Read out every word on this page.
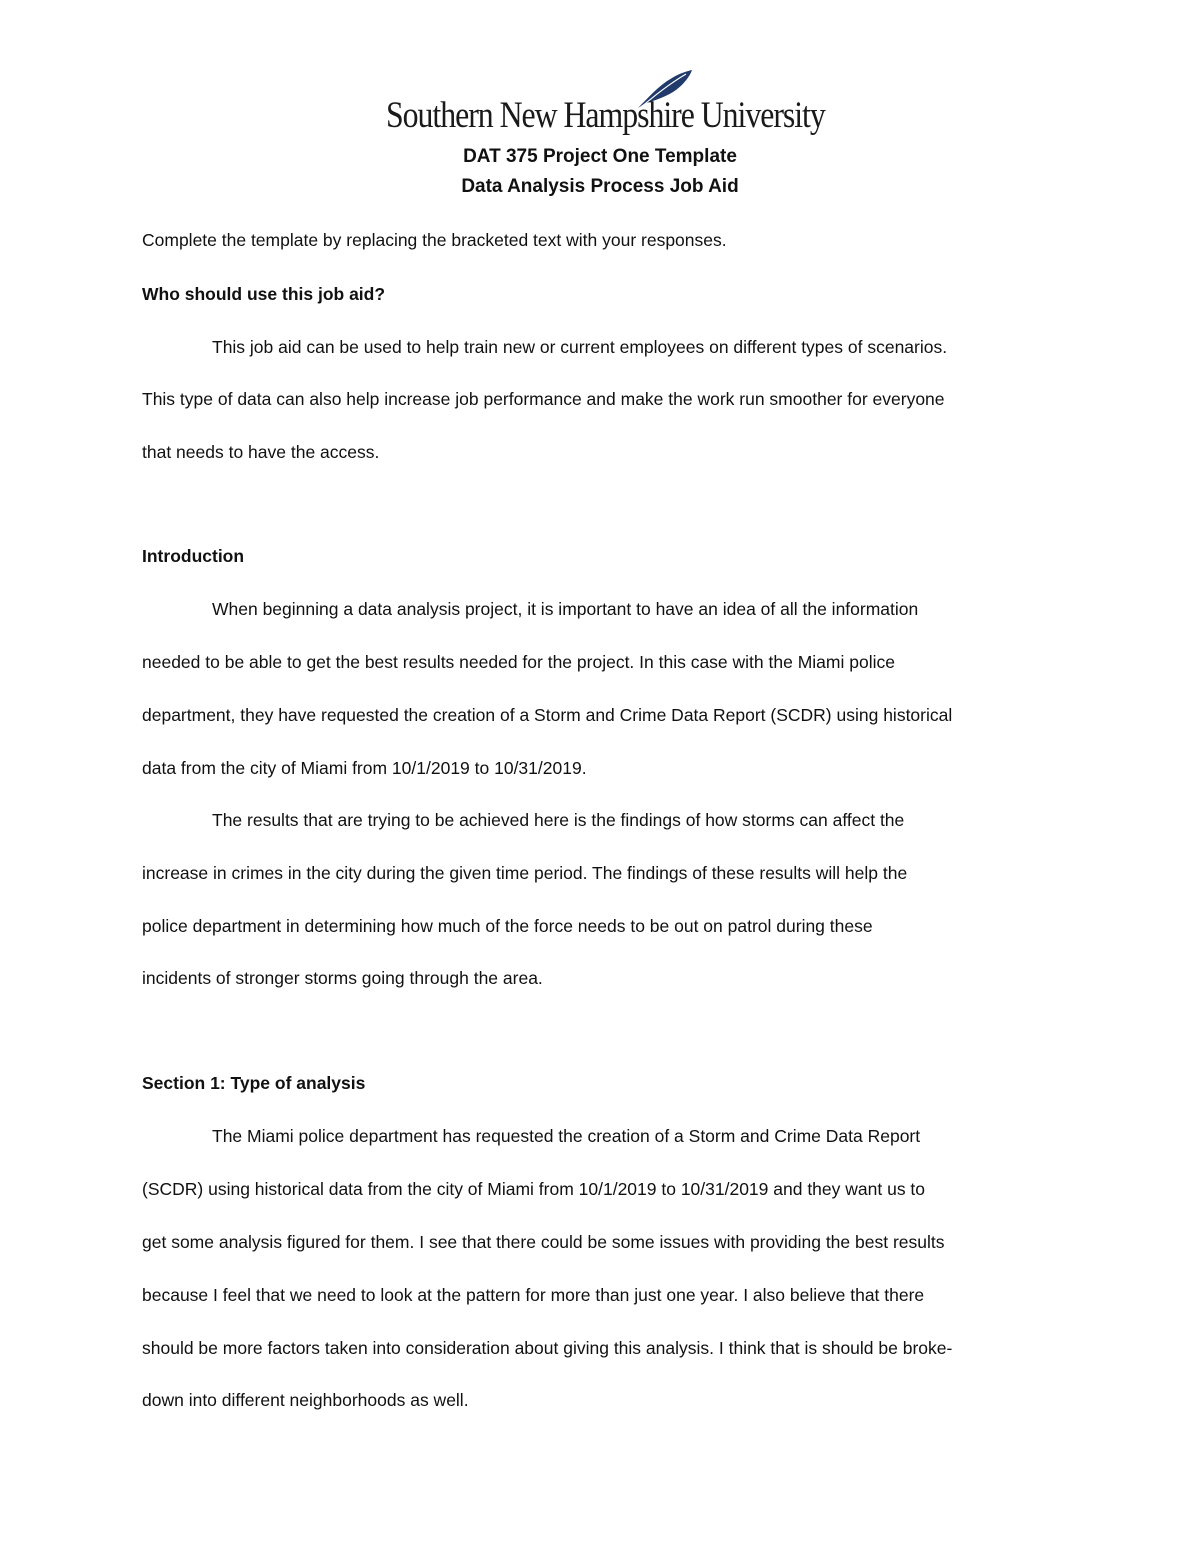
Southern New Hampshire University
DAT 375 Project One Template
Data Analysis Process Job Aid
Complete the template by replacing the bracketed text with your responses.
Who should use this job aid?
This job aid can be used to help train new or current employees on different types of scenarios.
This type of data can also help increase job performance and make the work run smoother for everyone
that needs to have the access.
Introduction
When beginning a data analysis project, it is important to have an idea of all the information
needed to be able to get the best results needed for the project. In this case with the Miami police
department, they have requested the creation of a Storm and Crime Data Report (SCDR) using historical
data from the city of Miami from 10/1/2019 to 10/31/2019.
The results that are trying to be achieved here is the findings of how storms can affect the
increase in crimes in the city during the given time period. The findings of these results will help the
police department in determining how much of the force needs to be out on patrol during these
incidents of stronger storms going through the area.
Section 1: Type of analysis
The Miami police department has requested the creation of a Storm and Crime Data Report
(SCDR) using historical data from the city of Miami from 10/1/2019 to 10/31/2019 and they want us to
get some analysis figured for them. I see that there could be some issues with providing the best results
because I feel that we need to look at the pattern for more than just one year. I also believe that there
should be more factors taken into consideration about giving this analysis. I think that is should be broke-
down into different neighborhoods as well.
